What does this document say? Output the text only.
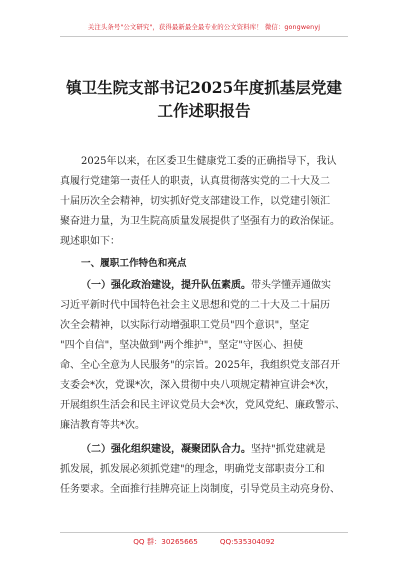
关注头条号"公文研究"，获得最新最全最专业的公文资料库！ 微信：gongwenyj
镇卫生院支部书记2025年度抓基层党建
工作述职报告
2025年以来，在区委卫生健康党工委的正确指导下，我认
真履行党建第一责任人的职责，认真贯彻落实党的二十大及二
十届历次全会精神，切实抓好党支部建设工作，以党建引领汇
聚奋进力量，为卫生院高质量发展提供了坚强有力的政治保证。
现述职如下：
一、履职工作特色和亮点
（一）强化政治建设，提升队伍素质。带头学懂弄通做实
习近平新时代中国特色社会主义思想和党的二十大及二十届历
次全会精神，以实际行动增强职工党员"四个意识"，坚定
"四个自信"，坚决做到"两个维护"，坚定"守医心、担使
命、全心全意为人民服务"的宗旨。2025年，我组织党支部召开
支委会*次，党课*次，深入贯彻中央八项规定精神宣讲会*次，
开展组织生活会和民主评议党员大会*次，党风党纪、廉政警示、
廉洁教育等共*次。
（二）强化组织建设，凝聚团队合力。坚持"抓党建就是
抓发展，抓发展必须抓党建"的理念，明确党支部职责分工和
任务要求。全面推行挂牌亮证上岗制度，引导党员主动亮身份、
QQ 群：30265665	QQ:535304092
